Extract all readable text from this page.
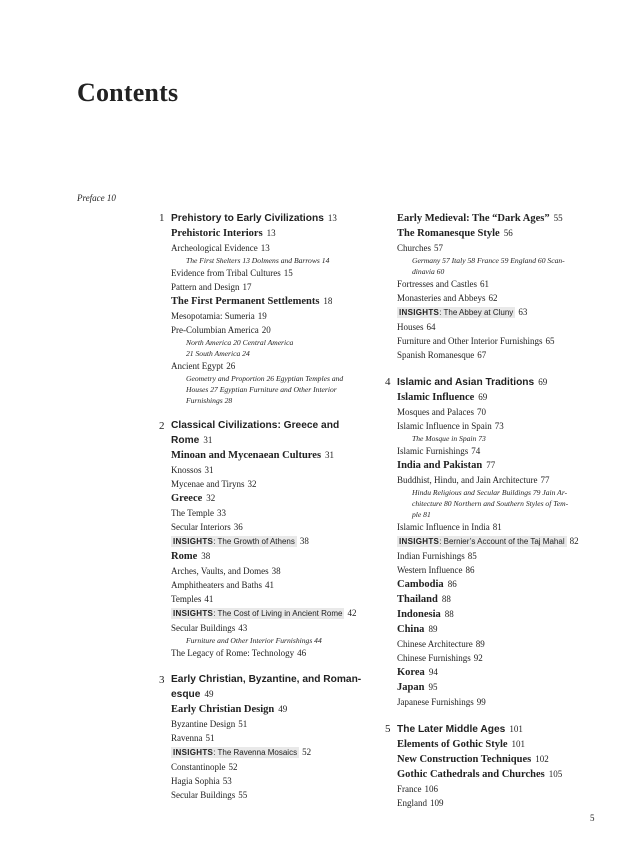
Contents
Preface 10
1 Prehistory to Early Civilizations 13
Prehistoric Interiors 13
Archeological Evidence 13
The First Shelters 13 Dolmens and Barrows 14
Evidence from Tribal Cultures 15
Pattern and Design 17
The First Permanent Settlements 18
Mesopotamia: Sumeria 19
Pre-Columbian America 20
North America 20 Central America
21 South America 24
Ancient Egypt 26
Geometry and Proportion 26 Egyptian Temples and
Houses 27 Egyptian Furniture and Other Interior
Furnishings 28
2 Classical Civilizations: Greece and
Rome 31
Minoan and Mycenaean Cultures 31
Knossos 31
Mycenae and Tiryns 32
Greece 32
The Temple 33
Secular Interiors 36
INSIGHTS: The Growth of Athens 38
Rome 38
Arches, Vaults, and Domes 38
Amphitheaters and Baths 41
Temples 41
INSIGHTS: The Cost of Living in Ancient Rome 42
Secular Buildings 43
Furniture and Other Interior Furnishings 44
The Legacy of Rome: Technology 46
3 Early Christian, Byzantine, and Roman-
esque 49
Early Christian Design 49
Byzantine Design 51
Ravenna 51
INSIGHTS: The Ravenna Mosaics 52
Constantinople 52
Hagia Sophia 53
Secular Buildings 55
Early Medieval: The “Dark Ages” 55
The Romanesque Style 56
Churches 57
Germany 57 Italy 58 France 59 England 60 Scan-
dinavia 60
Fortresses and Castles 61
Monasteries and Abbeys 62
INSIGHTS: The Abbey at Cluny 63
Houses 64
Furniture and Other Interior Furnishings 65
Spanish Romanesque 67
4 Islamic and Asian Traditions 69
Islamic Influence 69
Mosques and Palaces 70
Islamic Influence in Spain 73
The Mosque in Spain 73
Islamic Furnishings 74
India and Pakistan 77
Buddhist, Hindu, and Jain Architecture 77
Hindu Religious and Secular Buildings 79 Jain Ar-
chitecture 80 Northern and Southern Styles of Tem-
ple 81
Islamic Influence in India 81
INSIGHTS: Bernier’s Account of the Taj Mahal 82
Indian Furnishings 85
Western Influence 86
Cambodia 86
Thailand 88
Indonesia 88
China 89
Chinese Architecture 89
Chinese Furnishings 92
Korea 94
Japan 95
Japanese Furnishings 99
5 The Later Middle Ages 101
Elements of Gothic Style 101
New Construction Techniques 102
Gothic Cathedrals and Churches 105
France 106
England 109
5
